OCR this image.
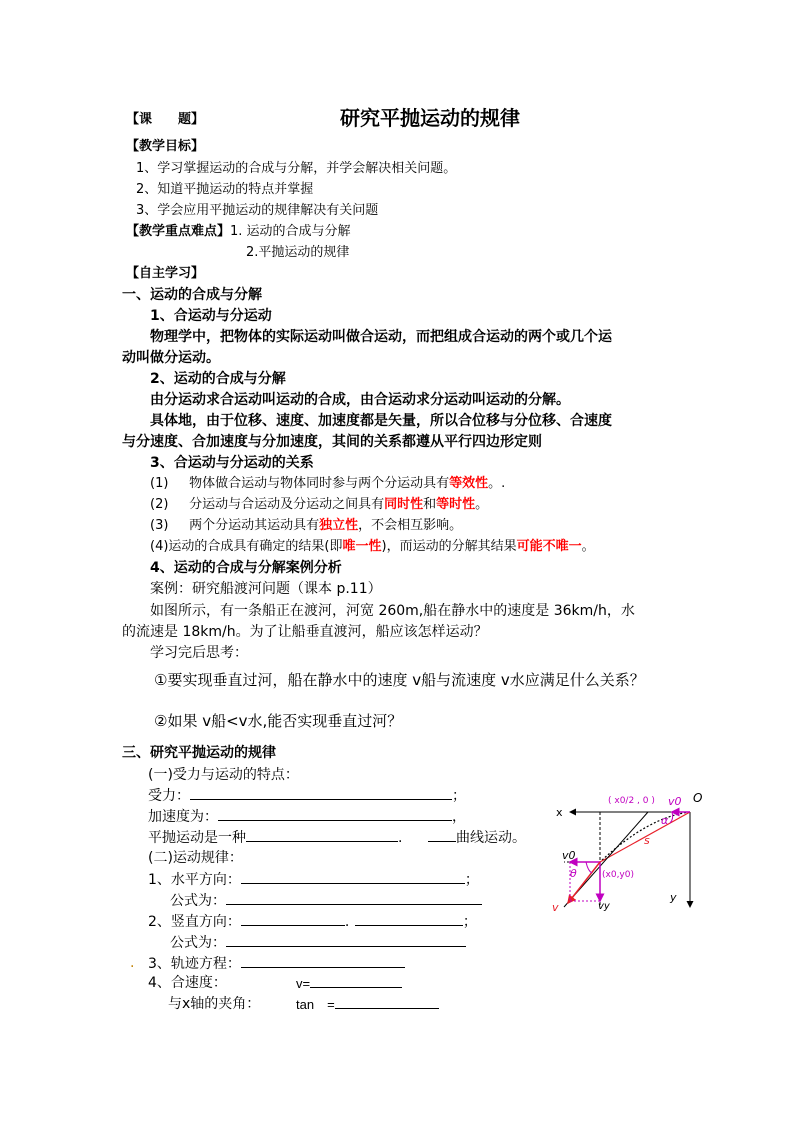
【课　　题】	研究平抛运动的规律
【教学目标】
1、学习掌握运动的合成与分解，并学会解决相关问题。
2、知道平抛运动的特点并掌握
3、学会应用平抛运动的规律解决有关问题
【教学重点难点】1. 运动的合成与分解
2.平抛运动的规律
【自主学习】
一、运动的合成与分解
1、合运动与分运动
物理学中，把物体的实际运动叫做合运动，而把组成合运动的两个或几个运
动叫做分运动。
2、运动的合成与分解
由分运动求合运动叫运动的合成，由合运动求分运动叫运动的分解。
具体地，由于位移、速度、加速度都是矢量，所以合位移与分位移、合速度
与分速度、合加速度与分加速度，其间的关系都遵从平行四边形定则
3、合运动与分运动的关系
(1) 物体做合运动与物体同时参与两个分运动具有等效性。.
(2) 分运动与合运动及分运动之间具有同时性和等时性。
(3) 两个分运动其运动具有独立性，不会相互影响。
(4)运动的合成具有确定的结果(即唯一性)，而运动的分解其结果可能不唯一。
4、运动的合成与分解案例分析
案例：研究船渡河问题（课本 p.11）
如图所示，有一条船正在渡河，河宽 260m,船在静水中的速度是 36km/h，水
的流速是 18km/h。为了让船垂直渡河，船应该怎样运动？
学习完后思考：
①要实现垂直过河，船在静水中的速度 v船与流速度 v水应满足什么关系？
②如果 v船<v水,能否实现垂直过河？
三、研究平抛运动的规律
(一)受力与运动的特点：
受力：	；
加速度为：	，
平抛运动是一种	.	曲线运动。
(二)运动规律：
1、水平方向：	；
公式为：
2、竖直方向：	.	；
公式为：
. 3、轨迹方程：
4、合速度：	v=
与x轴的夹角：	tan　=
x
O
v0
( x0/2 , 0 )
α
s
v0
θ	(x0,y0)
v	vy
y
